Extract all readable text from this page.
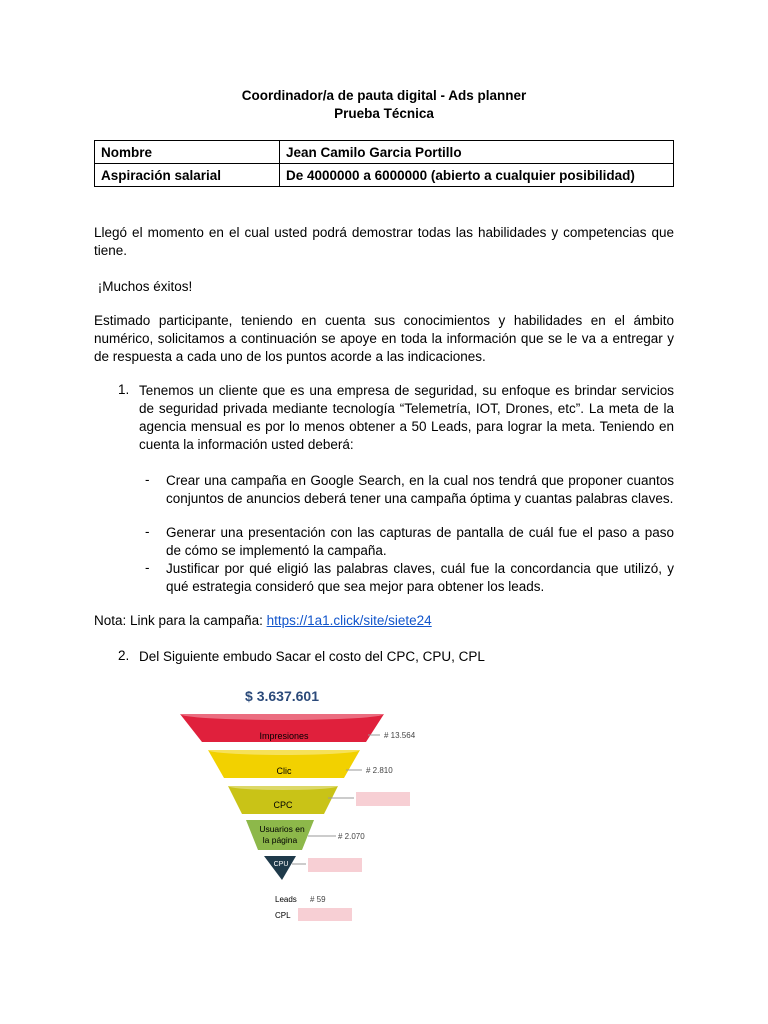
Coordinador/a de pauta digital - Ads planner
Prueba Técnica
Nombre	Jean Camilo Garcia Portillo
Aspiración salarial	De 4000000 a 6000000 (abierto a cualquier posibilidad)
Llegó el momento en el cual usted podrá demostrar todas las habilidades y competencias que tiene.
¡Muchos éxitos!
Estimado participante, teniendo en cuenta sus conocimientos y habilidades en el ámbito numérico, solicitamos a continuación se apoye en toda la información que se le va a entregar y de respuesta a cada uno de los puntos acorde a las indicaciones.
1. Tenemos un cliente que es una empresa de seguridad, su enfoque es brindar servicios de seguridad privada mediante tecnología “Telemetría, IOT, Drones, etc”. La meta de la agencia mensual es por lo menos obtener a 50 Leads, para lograr la meta. Teniendo en cuenta la información usted deberá:
- Crear una campaña en Google Search, en la cual nos tendrá que proponer cuantos conjuntos de anuncios deberá tener una campaña óptima y cuantas palabras claves.
- Generar una presentación con las capturas de pantalla de cuál fue el paso a paso de cómo se implementó la campaña.
- Justificar por qué eligió las palabras claves, cuál fue la concordancia que utilizó, y qué estrategia consideró que sea mejor para obtener los leads.
Nota: Link para la campaña: https://1a1.click/site/siete24
2. Del Siguiente embudo Sacar el costo del CPC, CPU, CPL
$ 3.637.601
Impresiones	# 13.564
Clic	# 2.810
CPC
Usuarios en
la página	# 2.070
CPU
Leads # 59
CPL
